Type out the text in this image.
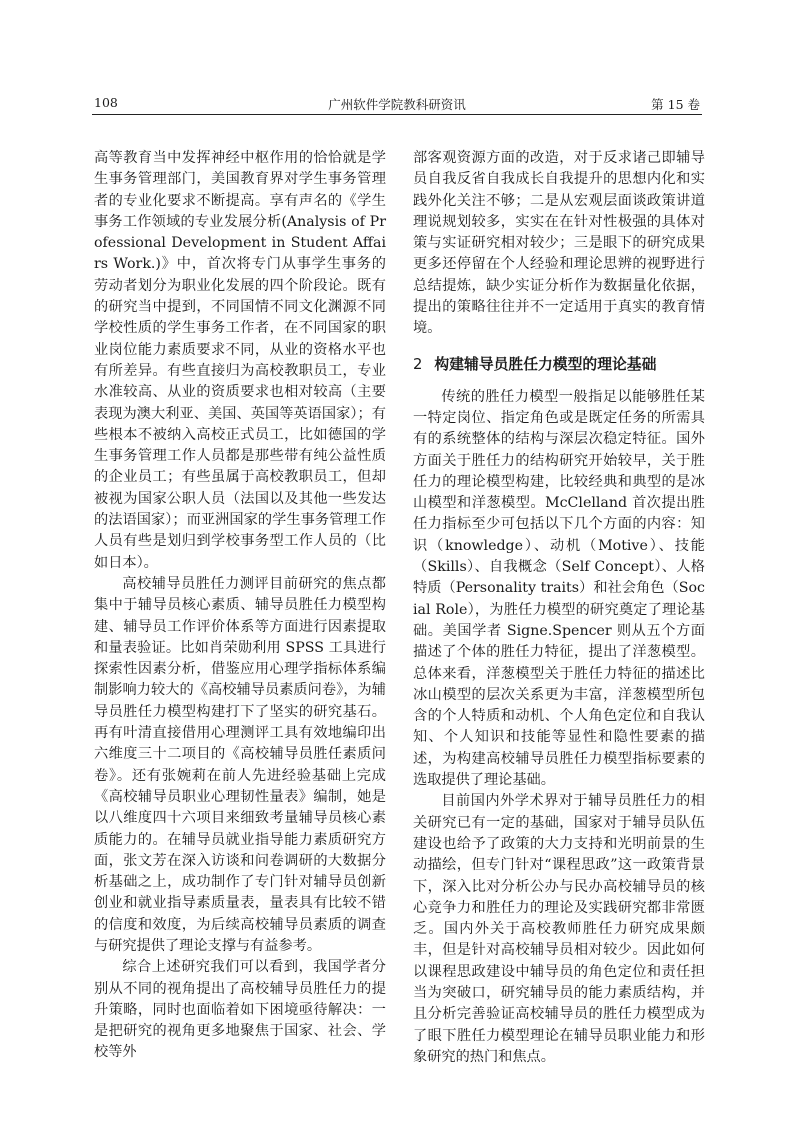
108	广州软件学院教科研资讯	第 15 卷

高等教育当中发挥神经中枢作用的恰恰就是学生事务管理部门，美国教育界对学生事务管理者的专业化要求不断提高。享有声名的《学生事务工作领域的专业发展分析(Analysis of Professional Development in Student Affairs Work.)》中，首次将专门从事学生事务的劳动者划分为职业化发展的四个阶段论。既有的研究当中提到，不同国情不同文化渊源不同学校性质的学生事务工作者，在不同国家的职业岗位能力素质要求不同，从业的资格水平也有所差异。有些直接归为高校教职员工，专业水准较高、从业的资质要求也相对较高（主要表现为澳大利亚、美国、英国等英语国家）；有些根本不被纳入高校正式员工，比如德国的学生事务管理工作人员都是那些带有纯公益性质的企业员工；有些虽属于高校教职员工，但却被视为国家公职人员（法国以及其他一些发达的法语国家）；而亚洲国家的学生事务管理工作人员有些是划归到学校事务型工作人员的（比如日本）。

高校辅导员胜任力测评目前研究的焦点都集中于辅导员核心素质、辅导员胜任力模型构建、辅导员工作评价体系等方面进行因素提取和量表验证。比如肖荣勋利用 SPSS 工具进行探索性因素分析，借鉴应用心理学指标体系编制影响力较大的《高校辅导员素质问卷》，为辅导员胜任力模型构建打下了坚实的研究基石。再有叶清直接借用心理测评工具有效地编印出六维度三十二项目的《高校辅导员胜任素质问卷》。还有张婉莉在前人先进经验基础上完成《高校辅导员职业心理韧性量表》编制，她是以八维度四十六项目来细致考量辅导员核心素质能力的。在辅导员就业指导能力素质研究方面，张文芳在深入访谈和问卷调研的大数据分析基础之上，成功制作了专门针对辅导员创新创业和就业指导素质量表，量表具有比较不错的信度和效度，为后续高校辅导员素质的调查与研究提供了理论支撑与有益参考。

综合上述研究我们可以看到，我国学者分别从不同的视角提出了高校辅导员胜任力的提升策略，同时也面临着如下困境亟待解决：一是把研究的视角更多地聚焦于国家、社会、学校等外

部客观资源方面的改造，对于反求诸己即辅导员自我反省自我成长自我提升的思想内化和实践外化关注不够；二是从宏观层面谈政策讲道理说规划较多，实实在在针对性极强的具体对策与实证研究相对较少；三是眼下的研究成果更多还停留在个人经验和理论思辨的视野进行总结提炼，缺少实证分析作为数据量化依据，提出的策略往往并不一定适用于真实的教育情境。

2 构建辅导员胜任力模型的理论基础

传统的胜任力模型一般指足以能够胜任某一特定岗位、指定角色或是既定任务的所需具有的系统整体的结构与深层次稳定特征。国外方面关于胜任力的结构研究开始较早，关于胜任力的理论模型构建，比较经典和典型的是冰山模型和洋葱模型。McClelland 首次提出胜任力指标至少可包括以下几个方面的内容：知识（knowledge）、动机（Motive）、技能（Skills）、自我概念（Self Concept）、人格特质（Personality traits）和社会角色（Social Role），为胜任力模型的研究奠定了理论基础。美国学者 Signe.Spencer 则从五个方面描述了个体的胜任力特征，提出了洋葱模型。总体来看，洋葱模型关于胜任力特征的描述比冰山模型的层次关系更为丰富，洋葱模型所包含的个人特质和动机、个人角色定位和自我认知、个人知识和技能等显性和隐性要素的描述，为构建高校辅导员胜任力模型指标要素的选取提供了理论基础。

目前国内外学术界对于辅导员胜任力的相关研究已有一定的基础，国家对于辅导员队伍建设也给予了政策的大力支持和光明前景的生动描绘，但专门针对“课程思政”这一政策背景下，深入比对分析公办与民办高校辅导员的核心竞争力和胜任力的理论及实践研究都非常匮乏。国内外关于高校教师胜任力研究成果颇丰，但是针对高校辅导员相对较少。因此如何以课程思政建设中辅导员的角色定位和责任担当为突破口，研究辅导员的能力素质结构，并且分析完善验证高校辅导员的胜任力模型成为了眼下胜任力模型理论在辅导员职业能力和形象研究的热门和焦点。
